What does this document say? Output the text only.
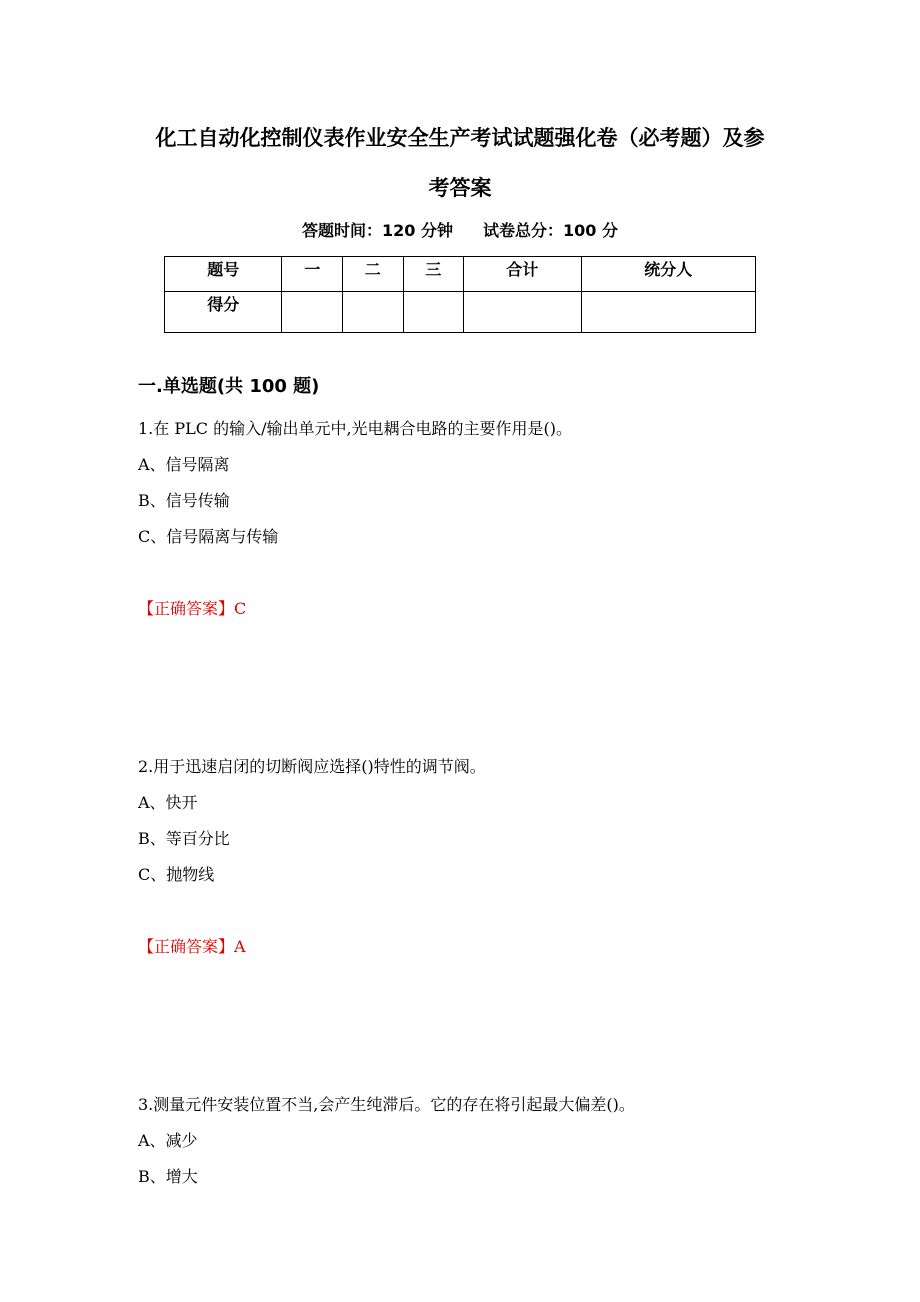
化工自动化控制仪表作业安全生产考试试题强化卷（必考题）及参
考答案
答题时间：120 分钟 试卷总分：100 分
题号	一	二	三	合计	统分人
得分					
一.单选题(共 100 题)
1.在 PLC 的输入/输出单元中,光电耦合电路的主要作用是()。
A、信号隔离
B、信号传输
C、信号隔离与传输
【正确答案】C
2.用于迅速启闭的切断阀应选择()特性的调节阀。
A、快开
B、等百分比
C、抛物线
【正确答案】A
3.测量元件安装位置不当,会产生纯滞后。它的存在将引起最大偏差()。
A、减少
B、增大
